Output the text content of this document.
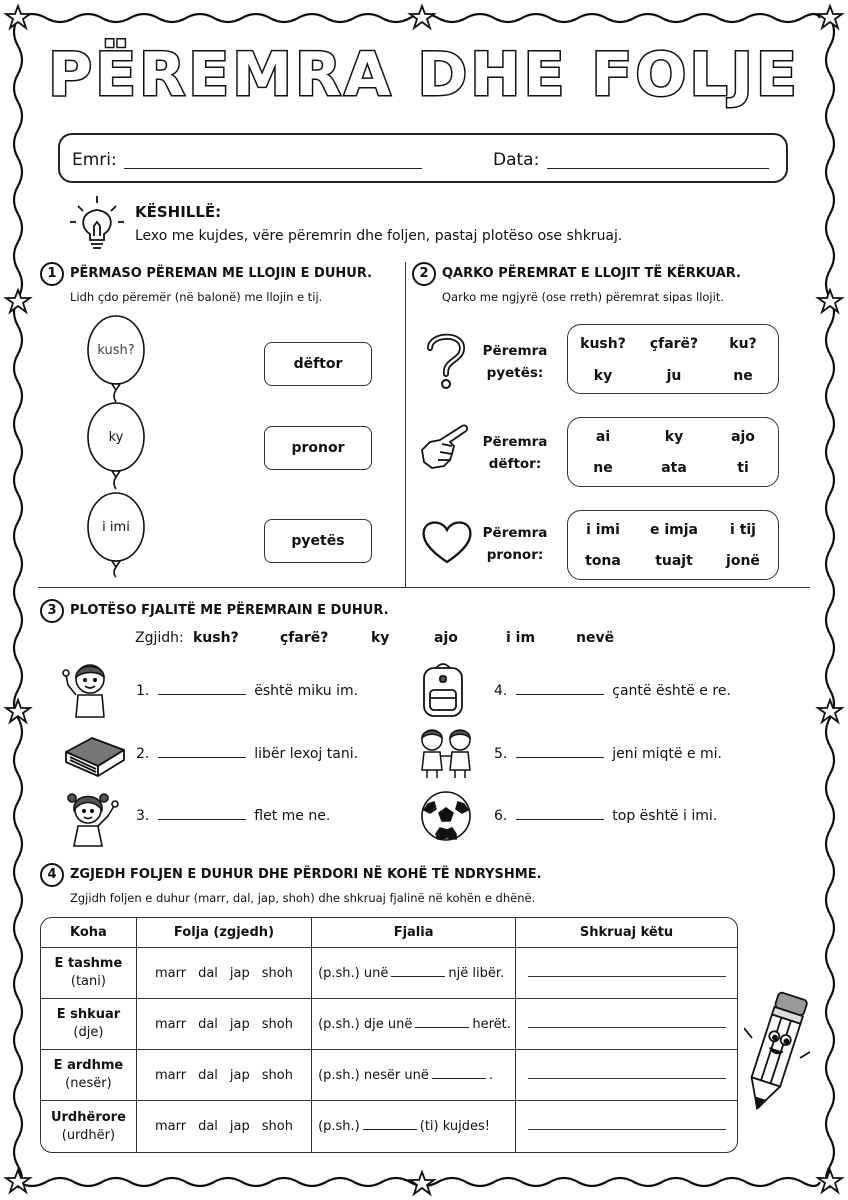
PËREMRA DHE FOLJE
Emri:	Data:
KËSHILLË:
Lexo me kujdes, vëre përemrin dhe foljen, pastaj plotëso ose shkruaj.
1	PËRMASO PËREMAN ME LLOJIN E DUHUR.
Lidh çdo përemër (në balonë) me llojin e tij.
kush?
ky
i imi
dëftor
pronor
pyetës
2	QARKO PËREMRAT E LLOJIT TË KËRKUAR.
Qarko me ngjyrë (ose rreth) përemrat sipas llojit.
Përemra
pyetës:
Përemra
dëftor:
Përemra
pronor:
kush?	çfarë?	ku?
ky	ju	ne
ai	ky	ajo
ne	ata	ti
i imi	e imja	i tij
tona	tuajt	jonë
3	PLOTËSO FJALITË ME PËREMRAIN E DUHUR.
Zgjidh: kush?	çfarë?	ky	ajo	i im	nevë
1.	është miku im.
2.	libër lexoj tani.
3.	flet me ne.
4.	çantë është e re.
5.	jeni miqtë e mi.
6.	top është i imi.
4	ZGJEDH FOLJEN E DUHUR DHE PËRDORI NË KOHË TË NDRYSHME.
Zgjidh foljen e duhur (marr, dal, jap, shoh) dhe shkruaj fjalinë në kohën e dhënë.
Koha	Folja (zgjedh)	Fjalia	Shkruaj këtu
E tashme
(tani)	marr dal jap shoh	(p.sh.) unë një libër.	
E shkuar
(dje)	marr dal jap shoh	(p.sh.) dje unë herët.	
E ardhme
(nesër)	marr dal jap shoh	(p.sh.) nesër unë .	
Urdhërore
(urdhër)	marr dal jap shoh	(p.sh.) (ti) kujdes!	
